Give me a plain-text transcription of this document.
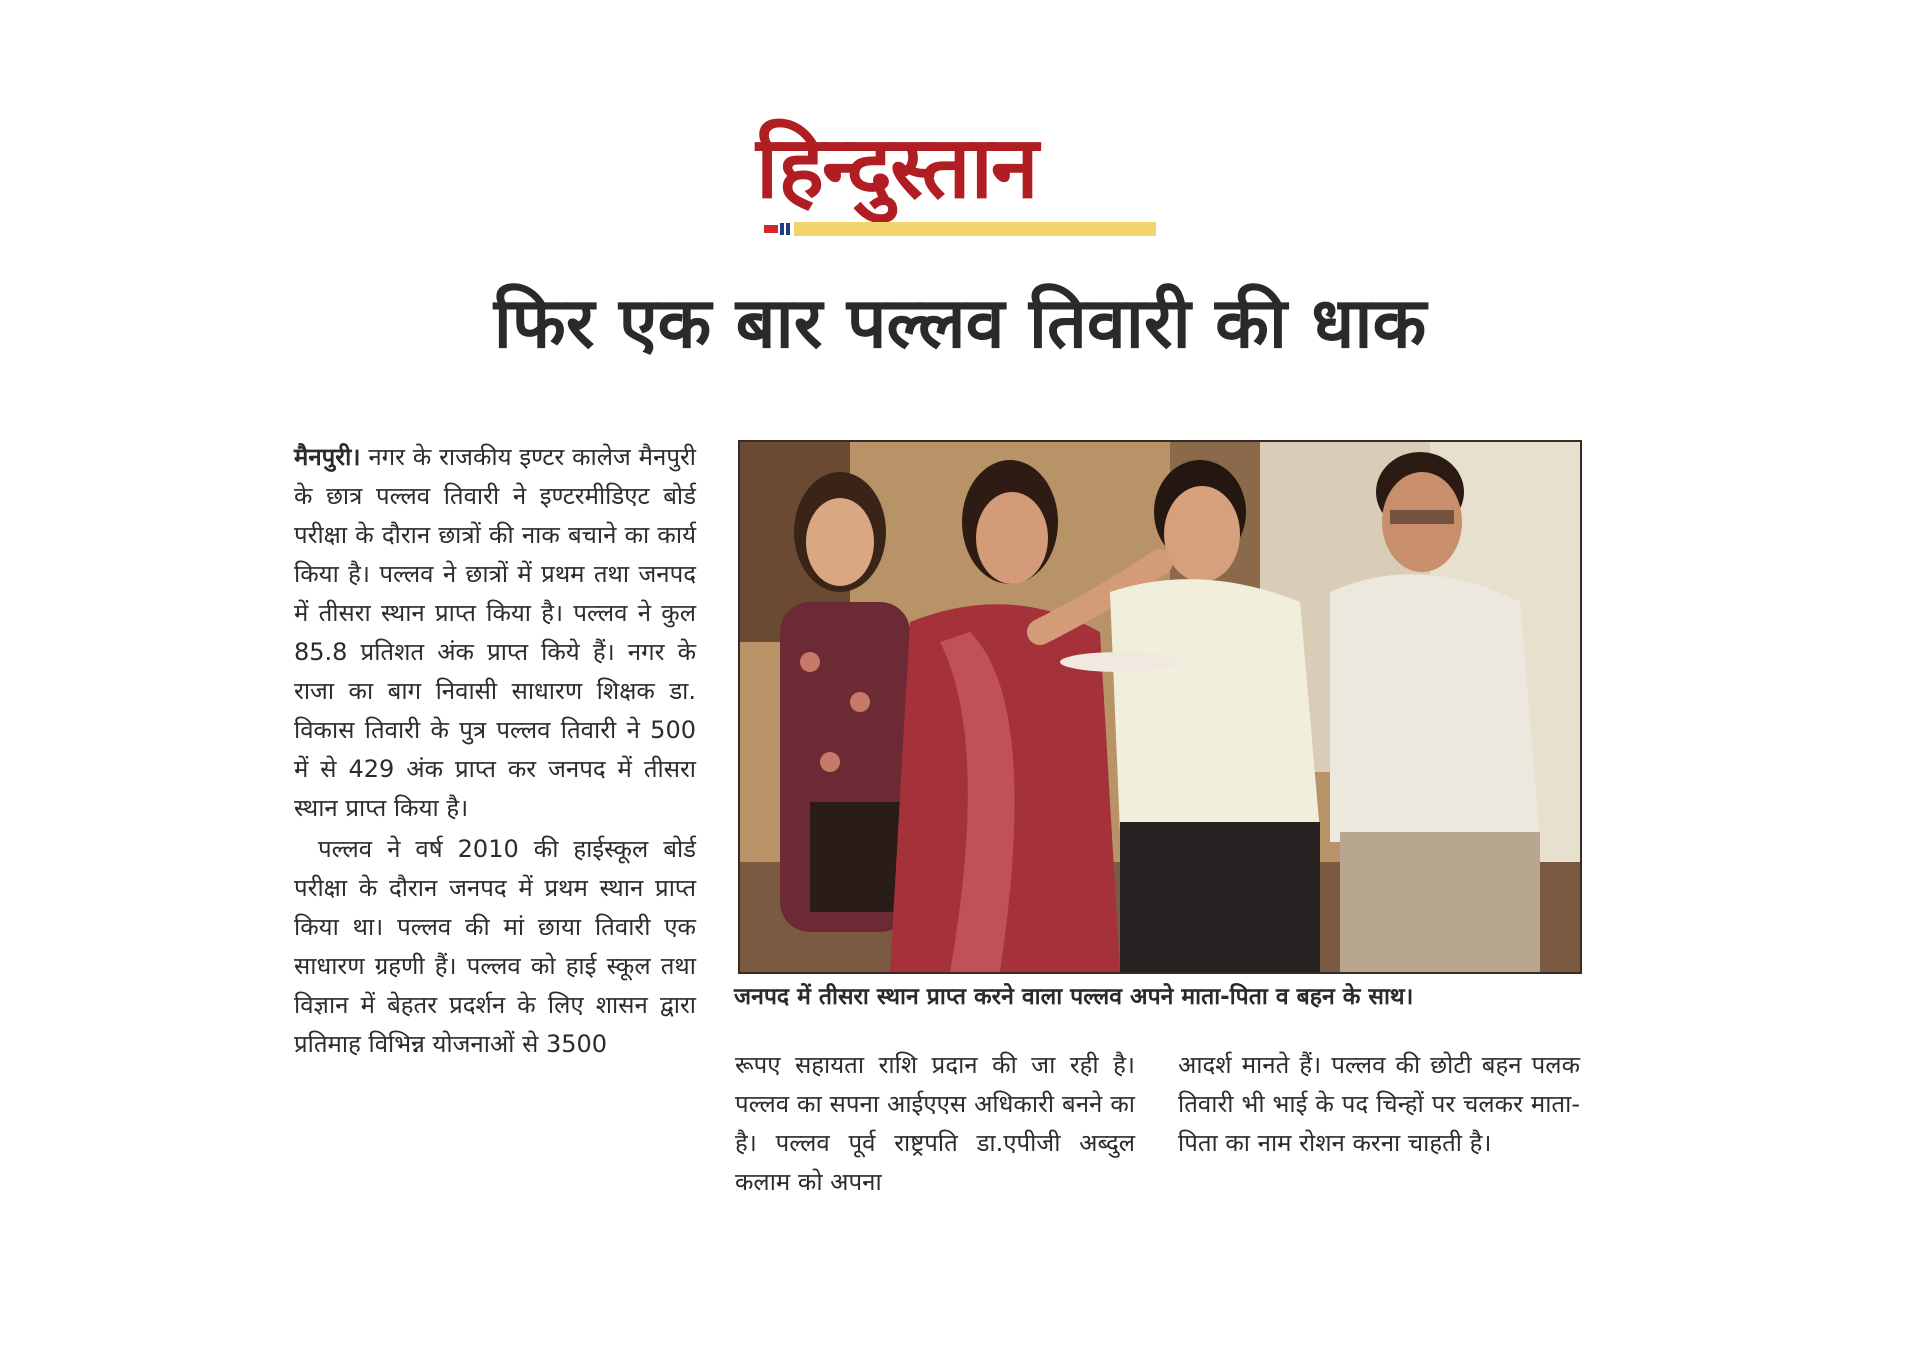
हिन्दुस्तान
फिर एक बार पल्लव तिवारी की धाक

मैनपुरी। नगर के राजकीय इण्टर कालेज मैनपुरी के छात्र पल्लव तिवारी ने इण्टरमीडिएट बोर्ड परीक्षा के दौरान छात्रों की नाक बचाने का कार्य किया है। पल्लव ने छात्रों में प्रथम तथा जनपद में तीसरा स्थान प्राप्त किया है। पल्लव ने कुल 85.8 प्रतिशत अंक प्राप्त किये हैं। नगर के राजा का बाग निवासी साधारण शिक्षक डा. विकास तिवारी के पुत्र पल्लव तिवारी ने 500 में से 429 अंक प्राप्त कर जनपद में तीसरा स्थान प्राप्त किया है।

पल्लव ने वर्ष 2010 की हाईस्कूल बोर्ड परीक्षा के दौरान जनपद में प्रथम स्थान प्राप्त किया था। पल्लव की मां छाया तिवारी एक साधारण ग्रहणी हैं। पल्लव को हाई स्कूल तथा विज्ञान में बेहतर प्रदर्शन के लिए शासन द्वारा प्रतिमाह विभिन्न योजनाओं से 3500

जनपद में तीसरा स्थान प्राप्त करने वाला पल्लव अपने माता-पिता व बहन के साथ।
रूपए सहायता राशि प्रदान की जा रही है। पल्लव का सपना आईएएस अधिकारी बनने का है। पल्लव पूर्व राष्ट्रपति डा.एपीजी अब्दुल कलाम को अपना
आदर्श मानते हैं। पल्लव की छोटी बहन पलक तिवारी भी भाई के पद चिन्हों पर चलकर माता-पिता का नाम रोशन करना चाहती है।
